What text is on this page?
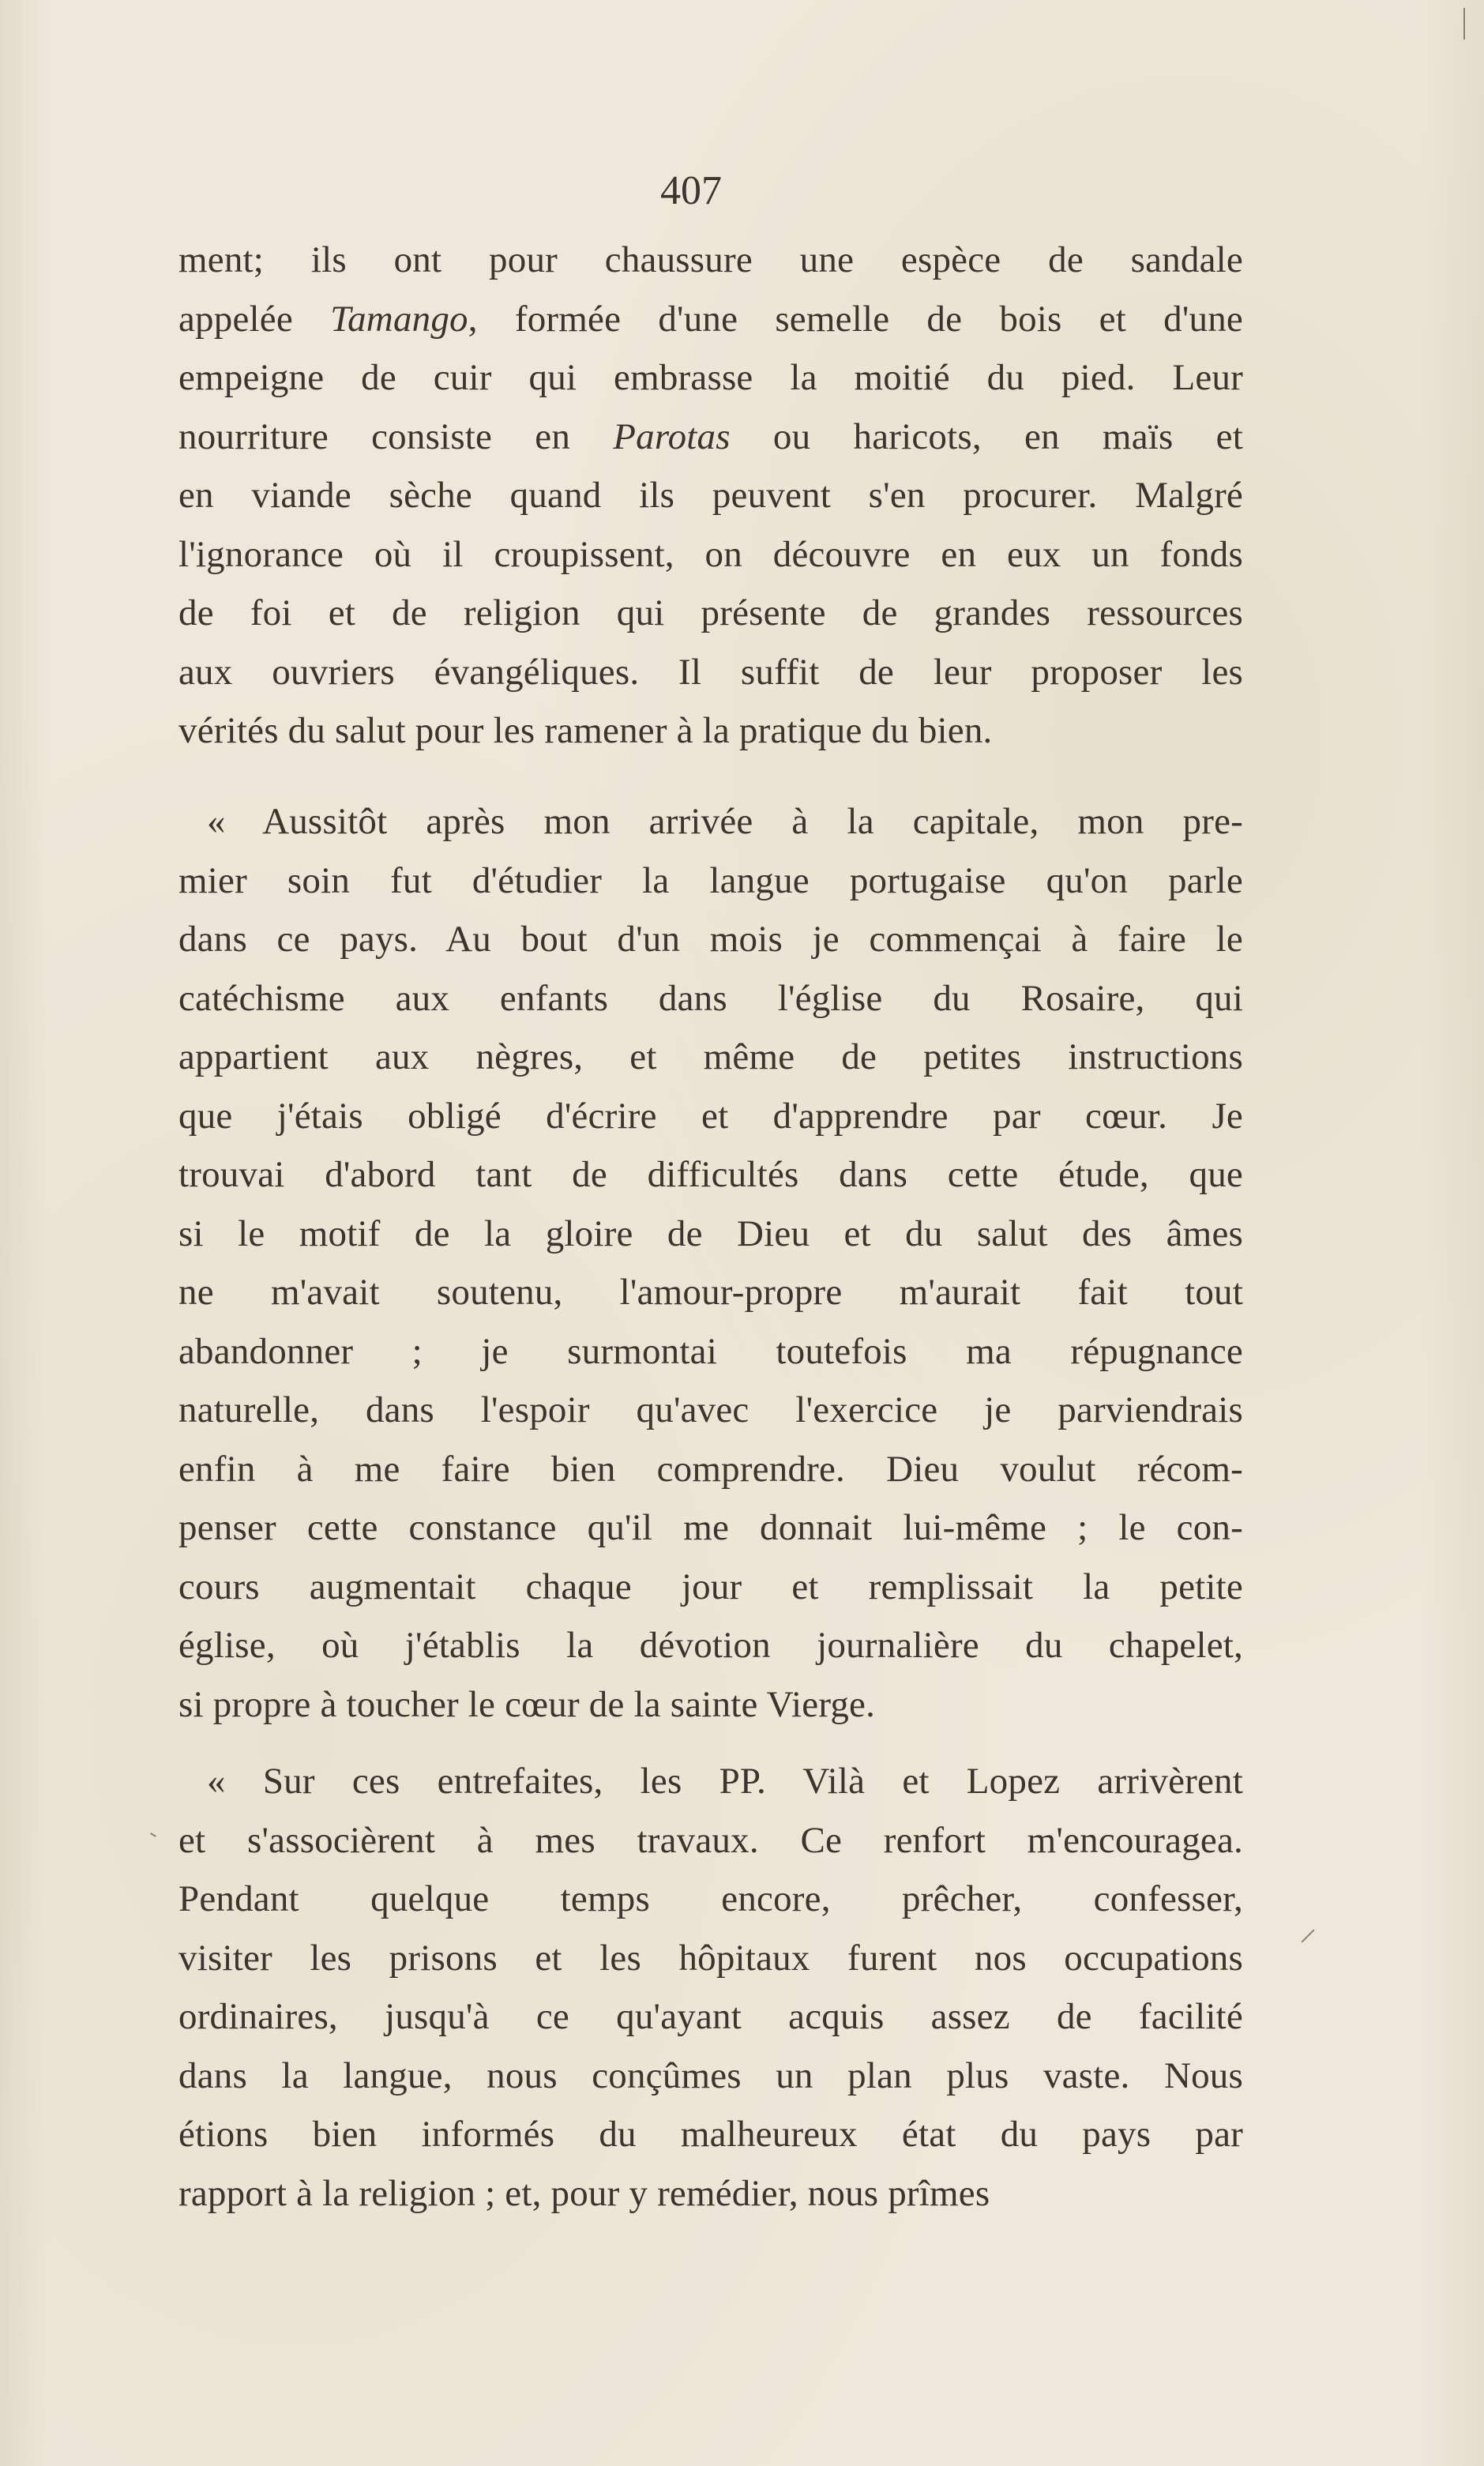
407
ment; ils ont pour chaussure une espèce de sandale
appelée Tamango, formée d'une semelle de bois et d'une
empeigne de cuir qui embrasse la moitié du pied. Leur
nourriture consiste en Parotas ou haricots, en maïs et
en viande sèche quand ils peuvent s'en procurer. Malgré
l'ignorance où il croupissent, on découvre en eux un fonds
de foi et de religion qui présente de grandes ressources
aux ouvriers évangéliques. Il suffit de leur proposer les
vérités du salut pour les ramener à la pratique du bien.
« Aussitôt après mon arrivée à la capitale, mon pre-
mier soin fut d'étudier la langue portugaise qu'on parle
dans ce pays. Au bout d'un mois je commençai à faire le
catéchisme aux enfants dans l'église du Rosaire, qui
appartient aux nègres, et même de petites instructions
que j'étais obligé d'écrire et d'apprendre par cœur. Je
trouvai d'abord tant de difficultés dans cette étude, que
si le motif de la gloire de Dieu et du salut des âmes
ne m'avait soutenu, l'amour-propre m'aurait fait tout
abandonner ; je surmontai toutefois ma répugnance
naturelle, dans l'espoir qu'avec l'exercice je parviendrais
enfin à me faire bien comprendre. Dieu voulut récom-
penser cette constance qu'il me donnait lui-même ; le con-
cours augmentait chaque jour et remplissait la petite
église, où j'établis la dévotion journalière du chapelet,
si propre à toucher le cœur de la sainte Vierge.
« Sur ces entrefaites, les PP. Vilà et Lopez arrivèrent
et s'associèrent à mes travaux. Ce renfort m'encouragea.
Pendant quelque temps encore, prêcher, confesser,
visiter les prisons et les hôpitaux furent nos occupations
ordinaires, jusqu'à ce qu'ayant acquis assez de facilité
dans la langue, nous conçûmes un plan plus vaste. Nous
étions bien informés du malheureux état du pays par
rapport à la religion ; et, pour y remédier, nous prîmes
